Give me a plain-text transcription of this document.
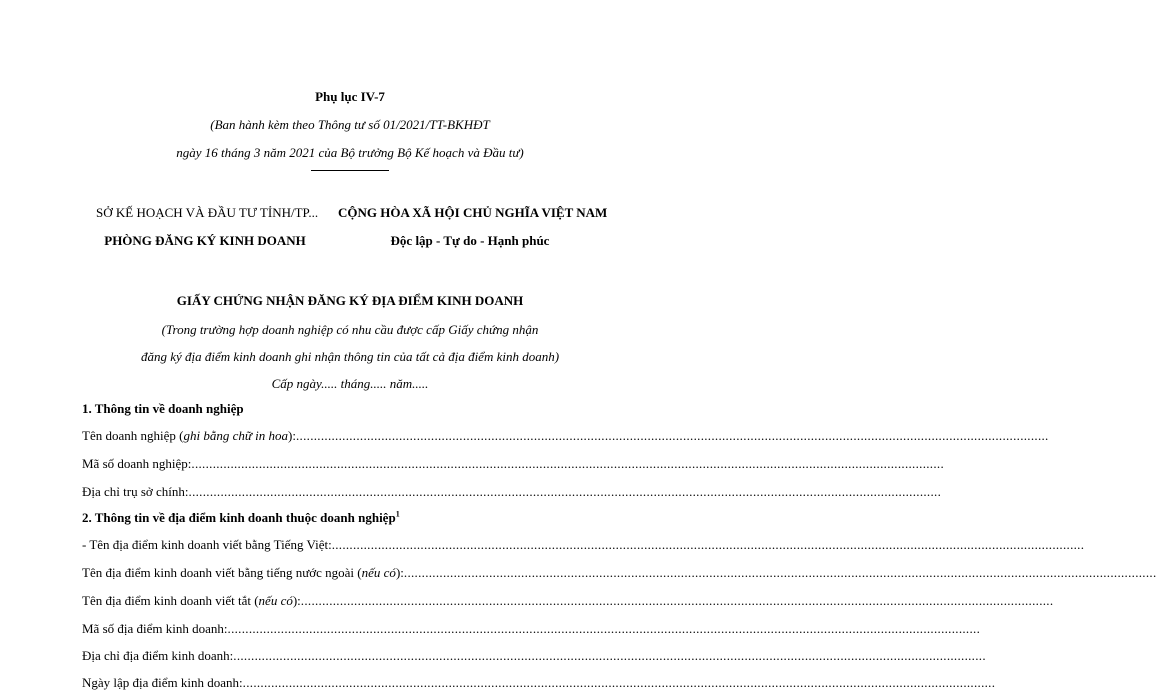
Phụ lục IV-7
(Ban hành kèm theo Thông tư số 01/2021/TT-BKHĐT
ngày 16 tháng 3 năm 2021 của Bộ trưởng Bộ Kế hoạch và Đầu tư)
SỞ KẾ HOẠCH VÀ ĐẦU TƯ TỈNH/TP...
PHÒNG ĐĂNG KÝ KINH DOANH
CỘNG HÒA XÃ HỘI CHỦ NGHĨA VIỆT NAM
Độc lập - Tự do - Hạnh phúc
GIẤY CHỨNG NHẬN ĐĂNG KÝ ĐỊA ĐIỂM KINH DOANH
(Trong trường hợp doanh nghiệp có nhu cầu được cấp Giấy chứng nhận
đăng ký địa điểm kinh doanh ghi nhận thông tin của tất cả địa điểm kinh doanh)
Cấp ngày..... tháng..... năm.....
1. Thông tin về doanh nghiệp
Tên doanh nghiệp (ghi bằng chữ in hoa): ....................................................................................................................................................................................................................
Mã số doanh nghiệp: ....................................................................................................................................................................................................................
Địa chỉ trụ sở chính: ....................................................................................................................................................................................................................
2. Thông tin về địa điểm kinh doanh thuộc doanh nghiệp$^1$
- Tên địa điểm kinh doanh viết bằng Tiếng Việt: ....................................................................................................................................................................................................................
Tên địa điểm kinh doanh viết bằng tiếng nước ngoài (nếu có): ....................................................................................................................................................................................................................
Tên địa điểm kinh doanh viết tắt (nếu có): ....................................................................................................................................................................................................................
Mã số địa điểm kinh doanh: ....................................................................................................................................................................................................................
Địa chỉ địa điểm kinh doanh: ....................................................................................................................................................................................................................
Ngày lập địa điểm kinh doanh: ....................................................................................................................................................................................................................
